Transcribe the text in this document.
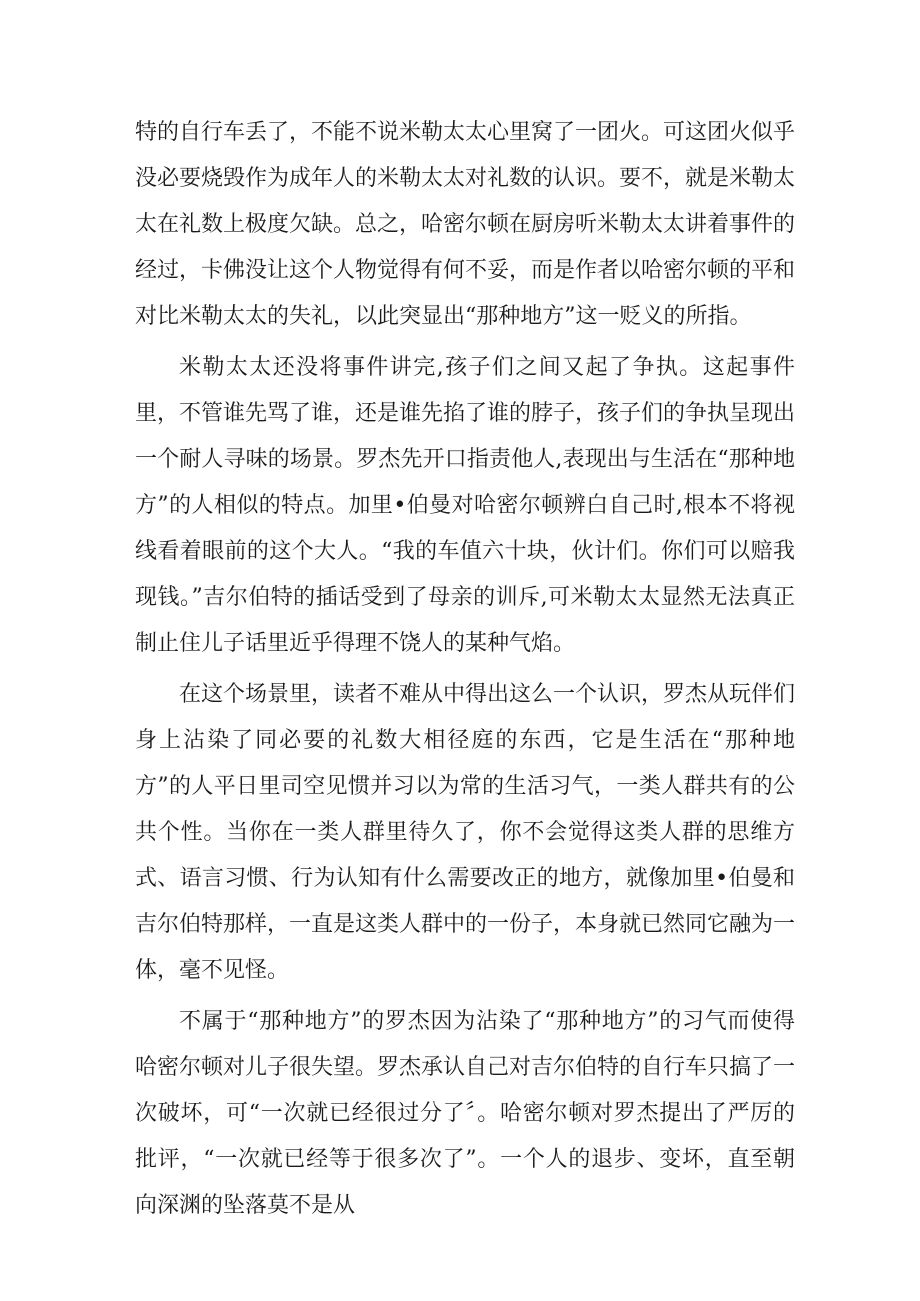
特的自行车丢了，不能不说米勒太太心里窝了一团火。可这团火似乎没必要烧毁作为成年人的米勒太太对礼数的认识。要不，就是米勒太太在礼数上极度欠缺。总之，哈密尔顿在厨房听米勒太太讲着事件的经过，卡佛没让这个人物觉得有何不妥，而是作者以哈密尔顿的平和对比米勒太太的失礼，以此突显出“那种地方”这一贬义的所指。

米勒太太还没将事件讲完,孩子们之间又起了争执。这起事件里，不管谁先骂了谁，还是谁先掐了谁的脖子，孩子们的争执呈现出一个耐人寻味的场景。罗杰先开口指责他人,表现出与生活在“那种地方”的人相似的特点。加里•伯曼对哈密尔顿辨白自己时,根本不将视线看着眼前的这个大人。“我的车值六十块，伙计们。你们可以赔我现钱。”吉尔伯特的插话受到了母亲的训斥,可米勒太太显然无法真正制止住儿子话里近乎得理不饶人的某种气焰。

在这个场景里，读者不难从中得出这么一个认识，罗杰从玩伴们身上沾染了同必要的礼数大相径庭的东西，它是生活在“那种地方”的人平日里司空见惯并习以为常的生活习气，一类人群共有的公共个性。当你在一类人群里待久了，你不会觉得这类人群的思维方式、语言习惯、行为认知有什么需要改正的地方，就像加里•伯曼和吉尔伯特那样，一直是这类人群中的一份子，本身就已然同它融为一体，毫不见怪。

不属于“那种地方”的罗杰因为沾染了“那种地方”的习气而使得哈密尔顿对儿子很失望。罗杰承认自己对吉尔伯特的自行车只搞了一次破坏，可“一次就已经很过分了〞。哈密尔顿对罗杰提出了严厉的批评，“一次就已经等于很多次了”。一个人的退步、变坏，直至朝向深渊的坠落莫不是从
